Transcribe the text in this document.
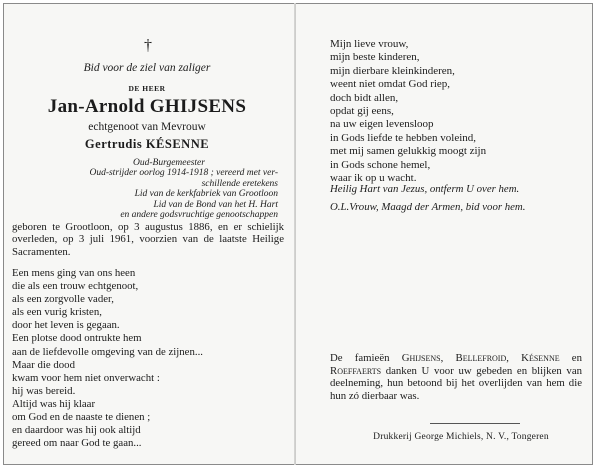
†
Bid voor de ziel van zaliger
DE HEER
Jan-Arnold GHIJSENS
echtgenoot van Mevrouw
Gertrudis KÉSENNE
Oud-Burgemeester
Oud-strijder oorlog 1914-1918 ; vereerd met ver-
schillende eretekens
Lid van de kerkfabriek van Grootloon
Lid van de Bond van het H. Hart
en andere godsvruchtige genootschappen
geboren te Grootloon, op 3 augustus 1886, en er schielijk overleden, op 3 juli 1961, voorzien van de laatste Heilige Sacramenten.
Een mens ging van ons heen
die als een trouw echtgenoot,
als een zorgvolle vader,
als een vurig kristen,
door het leven is gegaan.
Een plotse dood ontrukte hem
aan de liefdevolle omgeving van de zijnen...
Maar die dood
kwam voor hem niet onverwacht :
hij was bereid.
Altijd was hij klaar
om God en de naaste te dienen ;
en daardoor was hij ook altijd
gereed om naar God te gaan...
Mijn lieve vrouw,
mijn beste kinderen,
mijn dierbare kleinkinderen,
weent niet omdat God riep,
doch bidt allen,
opdat gij eens,
na uw eigen levensloop
in Gods liefde te hebben voleind,
met mij samen gelukkig moogt zijn
in Gods schone hemel,
waar ik op u wacht.
Heilig Hart van Jezus, ontferm U over hem.
O.L.Vrouw, Maagd der Armen, bid voor hem.
De famieën Ghijsens, Bellefroid, Késenne en Roeffaerts danken U voor uw gebeden en blijken van deelneming, hun betoond bij het overlijden van hem die hun zó dierbaar was.
Drukkerij George Michiels, N. V., Tongeren
